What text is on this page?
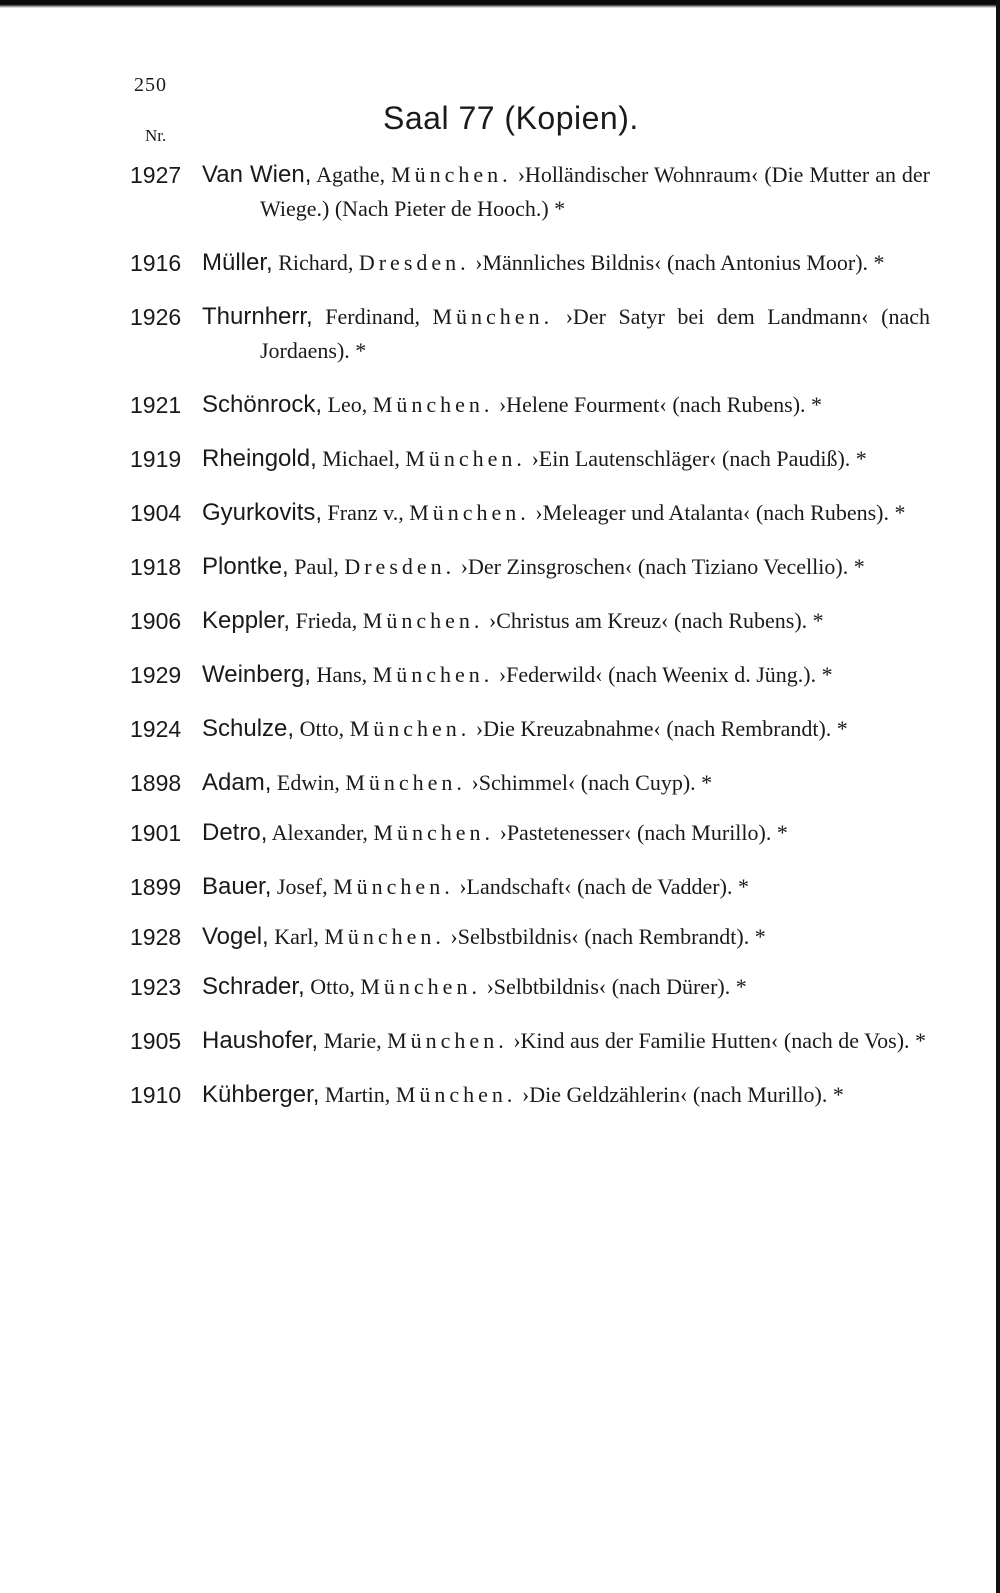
250
Saal 77 (Kopien).
Nr.
1927 Van Wien, Agathe, München. ›Holländischer Wohnraum‹ (Die Mutter an der Wiege.) (Nach Pieter de Hooch.) *
1916 Müller, Richard, Dresden. ›Männliches Bildnis‹ (nach Antonius Moor). *
1926 Thurnherr, Ferdinand, München. ›Der Satyr bei dem Landmann‹ (nach Jordaens). *
1921 Schönrock, Leo, München. ›Helene Fourment‹ (nach Rubens). *
1919 Rheingold, Michael, München. ›Ein Lautenschläger‹ (nach Paudiß). *
1904 Gyurkovits, Franz v., München. ›Meleager und Atalanta‹ (nach Rubens). *
1918 Plontke, Paul, Dresden. ›Der Zinsgroschen‹ (nach Tiziano Vecellio). *
1906 Keppler, Frieda, München. ›Christus am Kreuz‹ (nach Rubens). *
1929 Weinberg, Hans, München. ›Federwild‹ (nach Weenix d. Jüng.). *
1924 Schulze, Otto, München. ›Die Kreuzabnahme‹ (nach Rembrandt). *
1898 Adam, Edwin, München. ›Schimmel‹ (nach Cuyp). *
1901 Detro, Alexander, München. ›Pastetenesser‹ (nach Murillo). *
1899 Bauer, Josef, München. ›Landschaft‹ (nach de Vadder). *
1928 Vogel, Karl, München. ›Selbstbildnis‹ (nach Rembrandt). *
1923 Schrader, Otto, München. ›Selbtbildnis‹ (nach Dürer). *
1905 Haushofer, Marie, München. ›Kind aus der Familie Hutten‹ (nach de Vos). *
1910 Kühberger, Martin, München. ›Die Geldzählerin‹ (nach Murillo). *
